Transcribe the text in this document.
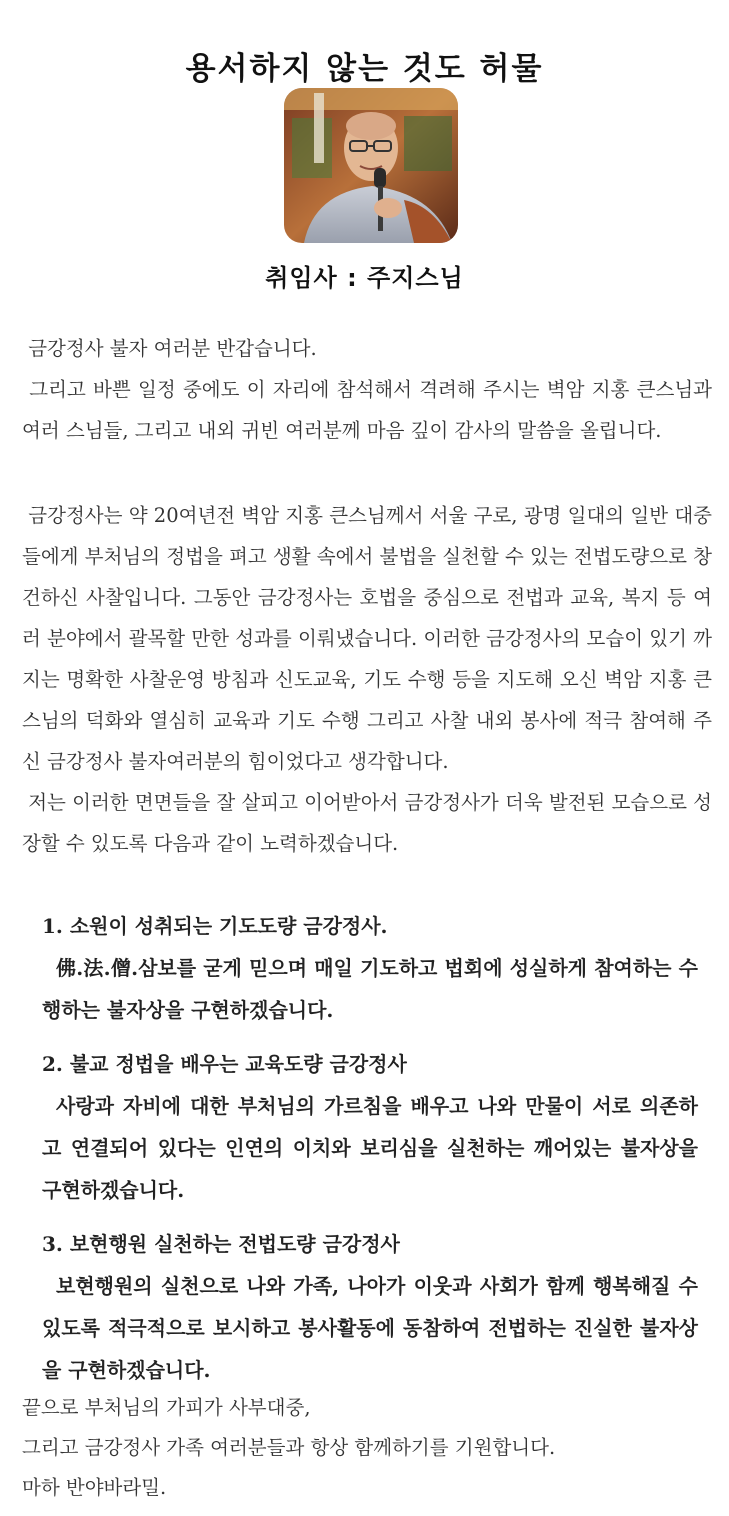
용서하지 않는 것도 허물
취임사 : 주지스님

금강정사 불자 여러분 반갑습니다.

그리고 바쁜 일정 중에도 이 자리에 참석해서 격려해 주시는 벽암 지홍 큰스님과 여러 스님들, 그리고 내외 귀빈 여러분께 마음 깊이 감사의 말씀을 올립니다.

금강정사는 약 20여년전 벽암 지홍 큰스님께서 서울 구로, 광명 일대의 일반 대중들에게 부처님의 정법을 펴고 생활 속에서 불법을 실천할 수 있는 전법도량으로 창건하신 사찰입니다. 그동안 금강정사는 호법을 중심으로 전법과 교육, 복지 등 여러 분야에서 괄목할 만한 성과를 이뤄냈습니다. 이러한 금강정사의 모습이 있기 까지는 명확한 사찰운영 방침과 신도교육, 기도 수행 등을 지도해 오신 벽암 지홍 큰스님의 덕화와 열심히 교육과 기도 수행 그리고 사찰 내외 봉사에 적극 참여해 주신 금강정사 불자여러분의 힘이었다고 생각합니다.

저는 이러한 면면들을 잘 살피고 이어받아서 금강정사가 더욱 발전된 모습으로 성장할 수 있도록 다음과 같이 노력하겠습니다.

1. 소원이 성취되는 기도도량 금강정사.
佛.法.僧.삼보를 굳게 믿으며 매일 기도하고 법회에 성실하게 참여하는 수행하는 불자상을 구현하겠습니다.
2. 불교 정법을 배우는 교육도량 금강정사
사랑과 자비에 대한 부처님의 가르침을 배우고 나와 만물이 서로 의존하고 연결되어 있다는 인연의 이치와 보리심을 실천하는 깨어있는 불자상을 구현하겠습니다.
3. 보현행원 실천하는 전법도량 금강정사
보현행원의 실천으로 나와 가족, 나아가 이웃과 사회가 함께 행복해질 수 있도록 적극적으로 보시하고 봉사활동에 동참하여 전법하는 진실한 불자상을 구현하겠습니다.
끝으로 부처님의 가피가 사부대중,
그리고 금강정사 가족 여러분들과 항상 함께하기를 기원합니다.
마하 반야바라밀.
